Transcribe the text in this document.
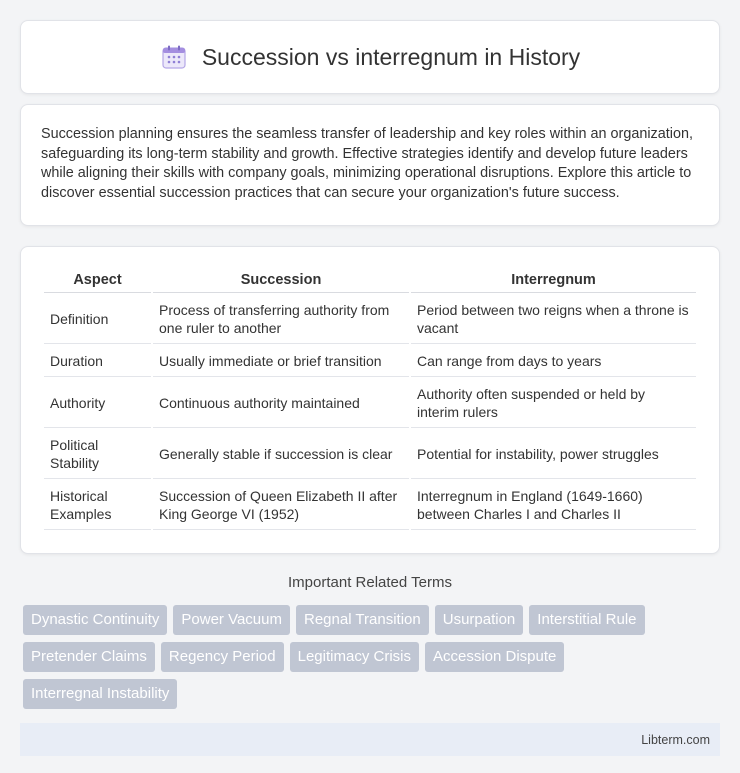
Succession vs interregnum in History

Succession planning ensures the seamless transfer of leadership and key roles within an organization, safeguarding its long-term stability and growth. Effective strategies identify and develop future leaders while aligning their skills with company goals, minimizing operational disruptions. Explore this article to discover essential succession practices that can secure your organization's future success.

Aspect	Succession	Interregnum
Definition	Process of transferring authority from one ruler to another	Period between two reigns when a throne is vacant
Duration	Usually immediate or brief transition	Can range from days to years
Authority	Continuous authority maintained	Authority often suspended or held by interim rulers
Political Stability	Generally stable if succession is clear	Potential for instability, power struggles
Historical Examples	Succession of Queen Elizabeth II after King George VI (1952)	Interregnum in England (1649-1660) between Charles I and Charles II
Important Related Terms
Dynastic Continuity	Power Vacuum	Regnal Transition	Usurpation	Interstitial Rule
Pretender Claims	Regency Period	Legitimacy Crisis	Accession Dispute
Interregnal Instability
Libterm.com
